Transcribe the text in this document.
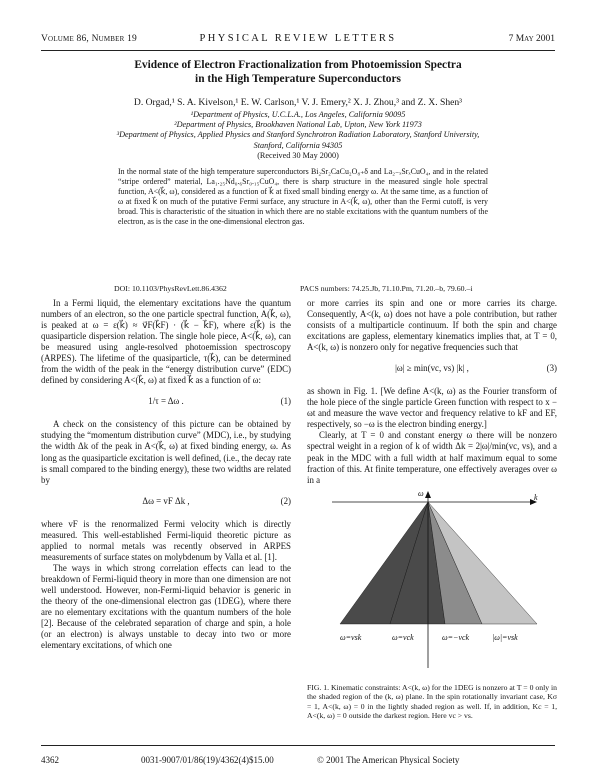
Volume 86, Number 19	PHYSICAL REVIEW LETTERS	7 May 2001
Evidence of Electron Fractionalization from Photoemission Spectra
in the High Temperature Superconductors
D. Orgad,¹ S. A. Kivelson,¹ E. W. Carlson,¹ V. J. Emery,² X. J. Zhou,³ and Z. X. Shen³
¹Department of Physics, U.C.L.A., Los Angeles, California 90095
²Department of Physics, Brookhaven National Lab, Upton, New York 11973
³Department of Physics, Applied Physics and Stanford Synchrotron Radiation Laboratory, Stanford University,
Stanford, California 94305
(Received 30 May 2000)
In the normal state of the high temperature superconductors Bi₂Sr₂CaCu₂O₈₊δ and La₂₋ₓSrₓCuO₄, and in the related “stripe ordered” material, La₁.₂₅Nd₀.₆Sr₀.₁₅CuO₄, there is sharp structure in the measured single hole spectral function, A<(k⃗, ω), considered as a function of k⃗ at fixed small binding energy ω. At the same time, as a function of ω at fixed k⃗ on much of the putative Fermi surface, any structure in A<(k⃗, ω), other than the Fermi cutoff, is very broad. This is characteristic of the situation in which there are no stable excitations with the quantum numbers of the electron, as is the case in the one-dimensional electron gas.
DOI: 10.1103/PhysRevLett.86.4362	PACS numbers: 74.25.Jb, 71.10.Pm, 71.20.–b, 79.60.–i

In a Fermi liquid, the elementary excitations have the quantum numbers of an electron, so the one particle spectral function, A(k⃗, ω), is peaked at ω = ε(k⃗) ≈ v⃗F(k⃗F) · (k⃗ − k⃗F), where ε(k⃗) is the quasiparticle dispersion relation. The single hole piece, A<(k⃗, ω), can be measured using angle-resolved photoemission spectroscopy (ARPES). The lifetime of the quasiparticle, τ(k⃗), can be determined from the width of the peak in the “energy distribution curve” (EDC) defined by considering A<(k⃗, ω) at fixed k⃗ as a function of ω:

1/τ = Δω .	(1)

A check on the consistency of this picture can be obtained by studying the “momentum distribution curve” (MDC), i.e., by studying the width Δk of the peak in A<(k⃗, ω) at fixed binding energy, ω. As long as the quasiparticle excitation is well defined, (i.e., the decay rate is small compared to the binding energy), these two widths are related by

Δω = vF Δk ,	(2)

where vF is the renormalized Fermi velocity which is directly measured. This well-established Fermi-liquid theoretic picture as applied to normal metals was recently observed in ARPES measurements of surface states on molybdenum by Valla et al. [1].

The ways in which strong correlation effects can lead to the breakdown of Fermi-liquid theory in more than one dimension are not well understood. However, non-Fermi-liquid behavior is generic in the theory of the one-dimensional electron gas (1DEG), where there are no elementary excitations with the quantum numbers of the hole [2]. Because of the celebrated separation of charge and spin, a hole (or an electron) is always unstable to decay into two or more elementary excitations, of which one

or more carries its spin and one or more carries its charge. Consequently, A<(k, ω) does not have a pole contribution, but rather consists of a multiparticle continuum. If both the spin and charge excitations are gapless, elementary kinematics implies that, at T = 0, A<(k, ω) is nonzero only for negative frequencies such that

|ω| ≥ min(vc, vs) |k| ,	(3)

as shown in Fig. 1. [We define A<(k, ω) as the Fourier transform of the hole piece of the single particle Green function with respect to x − ωt and measure the wave vector and frequency relative to kF and EF, respectively, so −ω is the electron binding energy.]

Clearly, at T = 0 and constant energy ω there will be nonzero spectral weight in a region of k of width Δk = 2|ω|/min(vc, vs), and a peak in the MDC with a full width at half maximum equal to some fraction of this. At finite temperature, one effectively averages over ω in a

ω	k
ω=vsk	ω=vck	ω=−vck	|ω|=vsk
FIG. 1. Kinematic constraints: A<(k, ω) for the 1DEG is nonzero at T = 0 only in the shaded region of the (k, ω) plane. In the spin rotationally invariant case, Kσ = 1, A<(k, ω) = 0 in the lightly shaded region as well. If, in addition, Kc = 1, A<(k, ω) = 0 outside the darkest region. Here vc > vs.
4362	0031-9007/01/86(19)/4362(4)$15.00	© 2001 The American Physical Society
